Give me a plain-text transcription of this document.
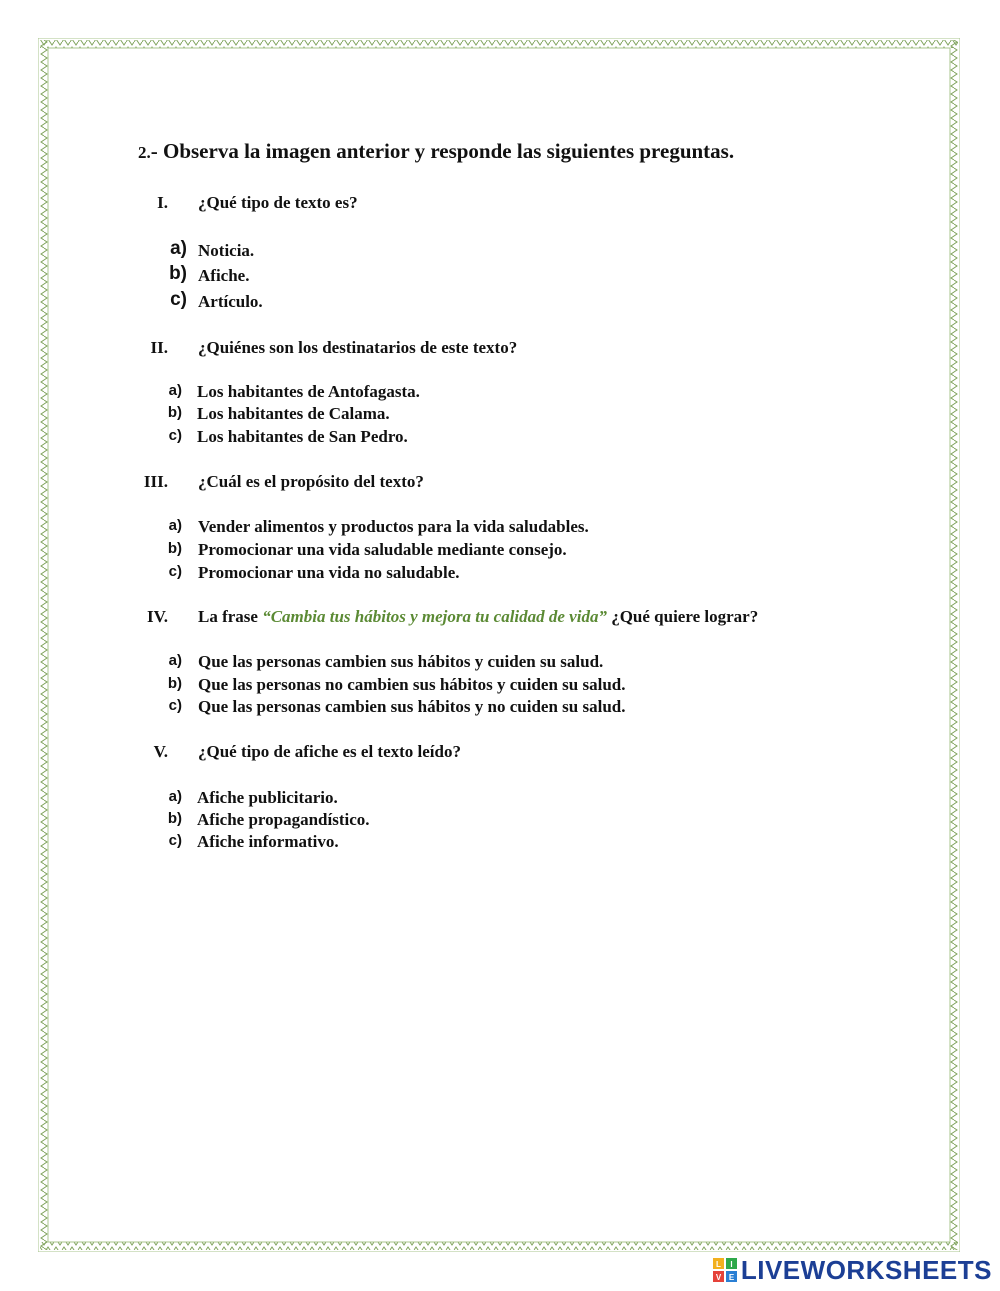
2.- Observa la imagen anterior y responde las siguientes preguntas.
I. ¿Qué tipo de texto es?
a) Noticia.
b) Afiche.
c) Artículo.
II. ¿Quiénes son los destinatarios de este texto?
a) Los habitantes de Antofagasta.
b) Los habitantes de Calama.
c) Los habitantes de San Pedro.
III. ¿Cuál es el propósito del texto?
a) Vender alimentos y productos para la vida saludables.
b) Promocionar una vida saludable mediante consejo.
c) Promocionar una vida no saludable.
IV. La frase “Cambia tus hábitos y mejora tu calidad de vida” ¿Qué quiere lograr?
a) Que las personas cambien sus hábitos y cuiden su salud.
b) Que las personas no cambien sus hábitos y cuiden su salud.
c) Que las personas cambien sus hábitos y no cuiden su salud.
V. ¿Qué tipo de afiche es el texto leído?
a) Afiche publicitario.
b) Afiche propagandístico.
c) Afiche informativo.
L I
V E LIVEWORKSHEETS
